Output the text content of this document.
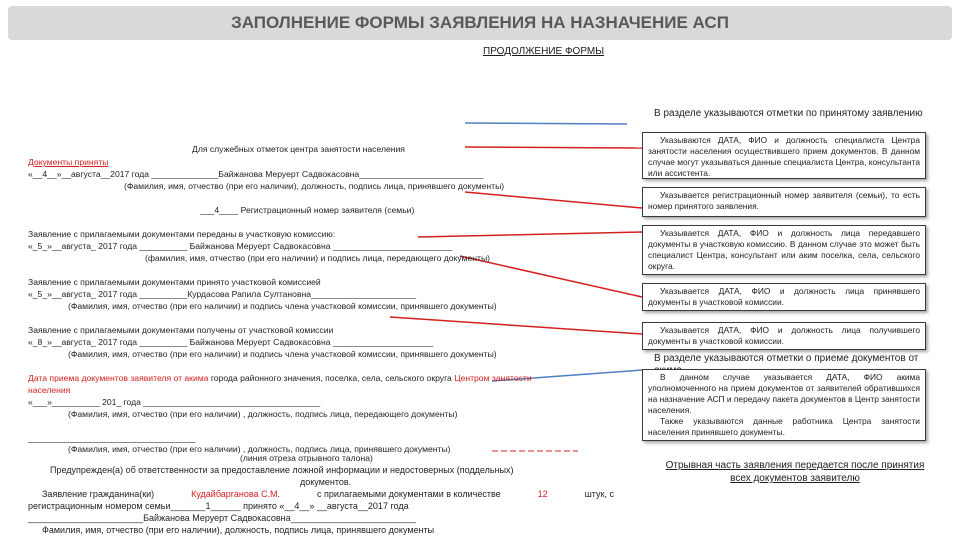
ЗАПОЛНЕНИЕ ФОРМЫ ЗАЯВЛЕНИЯ НА НАЗНАЧЕНИЕ АСП
ПРОДОЛЖЕНИЕ ФОРМЫ
Для служебных отметок центра занятости населения
Документы приняты
«__4__»__августа__2017 года ______________Байжанова Меруерт Садвокасовна__________________________
(Фамилия, имя, отчество (при его наличии), должность, подпись лица, принявшего документы)
___4____ Регистрационный номер заявителя (семьи)
Заявление с прилагаемыми документами переданы в участковую комиссию:
«_5_»__августа_ 2017 года __________ Байжанова Меруерт Садвокасовна _________________________
(фамилия, имя, отчество (при его наличии) и подпись лица, передающего документы)
Заявление с прилагаемыми документами принято участковой комиссией
«_5_»__августа_ 2017 года __________Курдасова Рапила Султановна______________________
(Фамилия, имя, отчество (при его наличии) и подпись члена участковой комиссии, принявшего документы)
Заявление с прилагаемыми документами получены от участковой комиссии
«_8_»__августа_ 2017 года __________ Байжанова Меруерт Садвокасовна _____________________
(Фамилия, имя, отчество (при его наличии) и подпись члена участковой комиссии, принявшего документы)
Дата приема документов заявителя от акима города районного значения, поселка, села, сельского округа Центром занятости
населения
«___»__________ 201_ года _____________________________________
(Фамилия, имя, отчество (при его наличии) , должность, подпись лица, передающего документы)
___________________________________
(Фамилия, имя, отчество (при его наличии) , должность, подпись лица, принявшего документы)
(линия отреза отрывного талона)
Предупрежден(а) об ответственности за предоставление ложной информации и недостоверных (поддельных)
документов.
Заявление гражданина(ки)	Кудайбарганова С.М.	с прилагаемыми документами в количестве	12	штук, с
регистрационным номером семьи_______1______ принято «__4__» __августа__2017 года
_______________________Байжанова Меруерт Садвокасовна_________________________
Фамилия, имя, отчество (при его наличии), должность, подпись лица, принявшего документы
В разделе указываются отметки по принятому заявлению

Указываются ДАТА, ФИО и должность специалиста Центра занятости населения осуществившего прием документов. В данном случае могут указываться данные специалиста Центра, консультанта или ассистента.

Указывается регистрационный номер заявителя (семьи), то есть номер принятого заявления.

Указывается ДАТА, ФИО и должность лица передавшего документы в участковую комиссию. В данном случае это может быть специалист Центра, консультант или аким поселка, села, сельского округа.

Указывается ДАТА, ФИО и должность лица принявшего документы в участковой комиссии.

Указывается ДАТА, ФИО и должность лица получившего документы в участковой комиссии.

В разделе указываются отметки о приеме документов от

В данном случае указывается ДАТА, ФИО акима уполномоченного на прием документов от заявителей обратившихся на назначение АСП и передачу пакета документов в Центр занятости населения.

Также указываются данные работника Центра занятости населения принявшего документы.

Отрывная часть заявления передается после принятия всех документов заявителю
